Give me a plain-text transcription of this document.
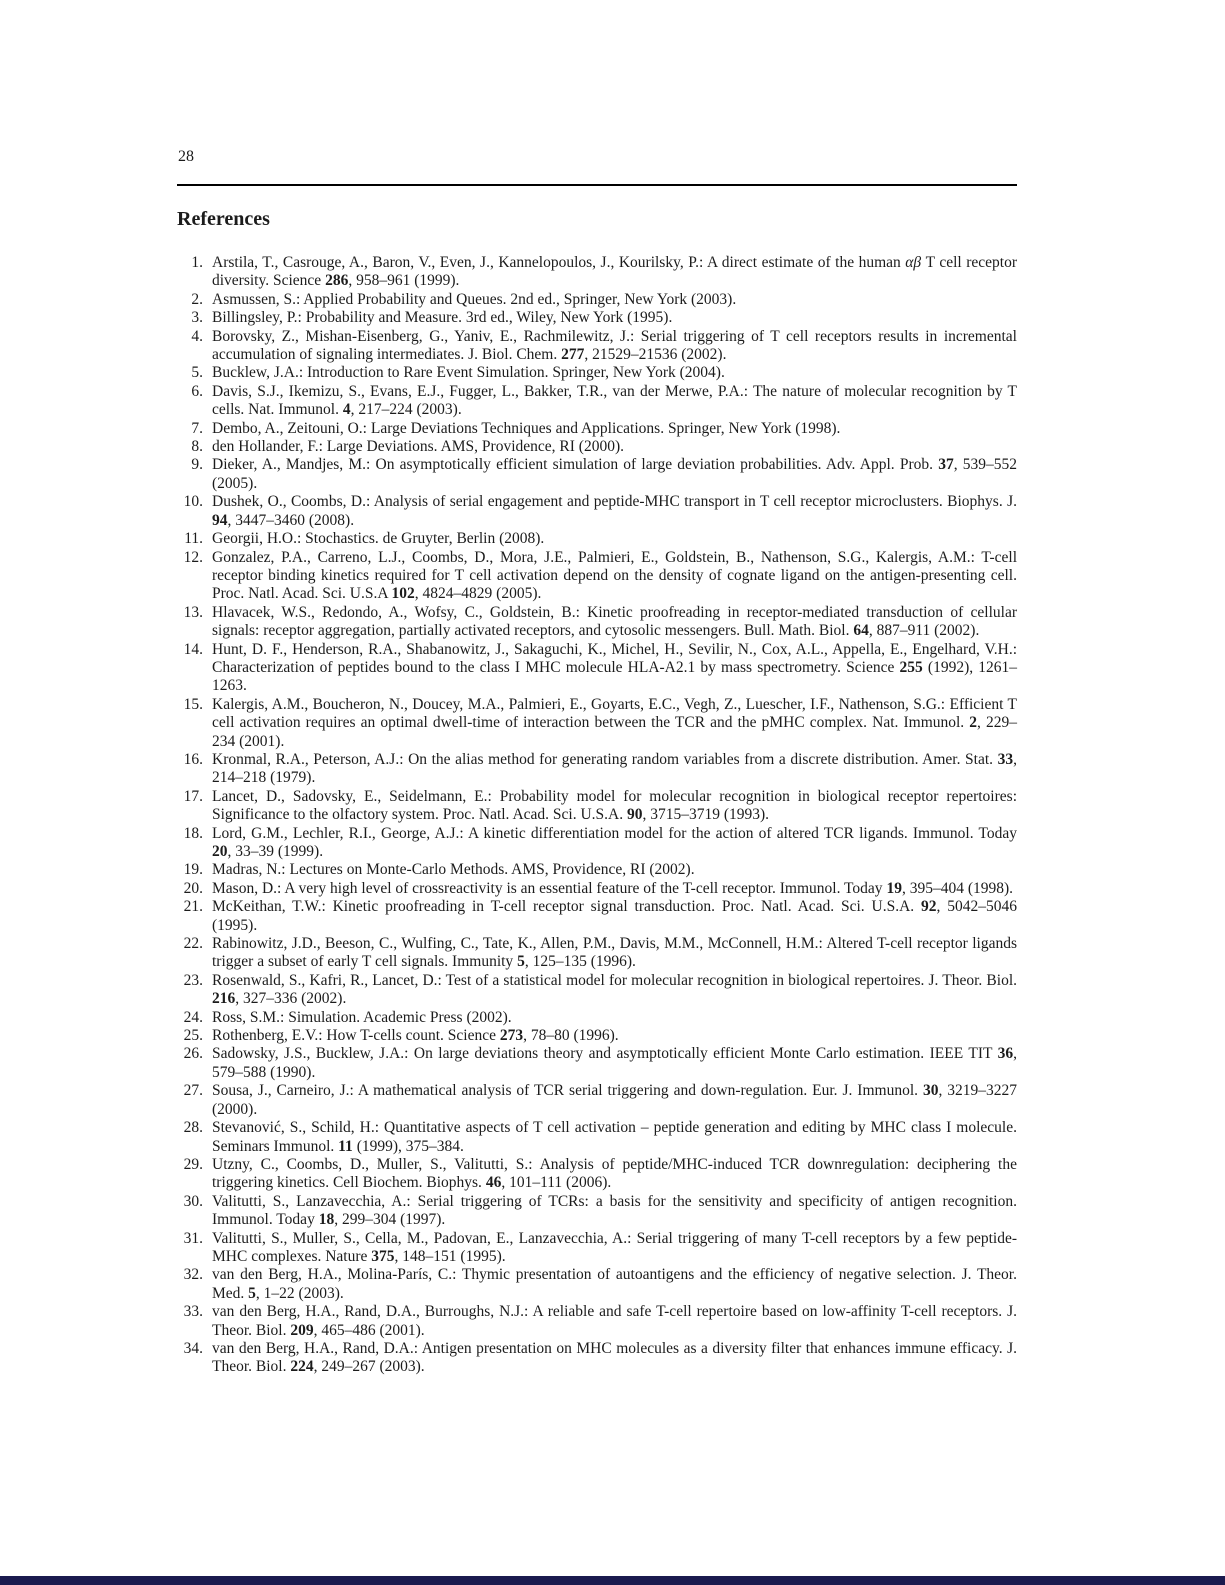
28
References
1. Arstila, T., Casrouge, A., Baron, V., Even, J., Kannelopoulos, J., Kourilsky, P.: A direct estimate of the human αβ T cell receptor diversity. Science 286, 958–961 (1999).
2. Asmussen, S.: Applied Probability and Queues. 2nd ed., Springer, New York (2003).
3. Billingsley, P.: Probability and Measure. 3rd ed., Wiley, New York (1995).
4. Borovsky, Z., Mishan-Eisenberg, G., Yaniv, E., Rachmilewitz, J.: Serial triggering of T cell receptors results in incremental accumulation of signaling intermediates. J. Biol. Chem. 277, 21529–21536 (2002).
5. Bucklew, J.A.: Introduction to Rare Event Simulation. Springer, New York (2004).
6. Davis, S.J., Ikemizu, S., Evans, E.J., Fugger, L., Bakker, T.R., van der Merwe, P.A.: The nature of molecular recognition by T cells. Nat. Immunol. 4, 217–224 (2003).
7. Dembo, A., Zeitouni, O.: Large Deviations Techniques and Applications. Springer, New York (1998).
8. den Hollander, F.: Large Deviations. AMS, Providence, RI (2000).
9. Dieker, A., Mandjes, M.: On asymptotically efficient simulation of large deviation probabilities. Adv. Appl. Prob. 37, 539–552 (2005).
10. Dushek, O., Coombs, D.: Analysis of serial engagement and peptide-MHC transport in T cell receptor microclusters. Biophys. J. 94, 3447–3460 (2008).
11. Georgii, H.O.: Stochastics. de Gruyter, Berlin (2008).
12. Gonzalez, P.A., Carreno, L.J., Coombs, D., Mora, J.E., Palmieri, E., Goldstein, B., Nathenson, S.G., Kalergis, A.M.: T-cell receptor binding kinetics required for T cell activation depend on the density of cognate ligand on the antigen-presenting cell. Proc. Natl. Acad. Sci. U.S.A 102, 4824–4829 (2005).
13. Hlavacek, W.S., Redondo, A., Wofsy, C., Goldstein, B.: Kinetic proofreading in receptor-mediated transduction of cellular signals: receptor aggregation, partially activated receptors, and cytosolic messengers. Bull. Math. Biol. 64, 887–911 (2002).
14. Hunt, D. F., Henderson, R.A., Shabanowitz, J., Sakaguchi, K., Michel, H., Sevilir, N., Cox, A.L., Appella, E., Engelhard, V.H.: Characterization of peptides bound to the class I MHC molecule HLA-A2.1 by mass spectrometry. Science 255 (1992), 1261–1263.
15. Kalergis, A.M., Boucheron, N., Doucey, M.A., Palmieri, E., Goyarts, E.C., Vegh, Z., Luescher, I.F., Nathenson, S.G.: Efficient T cell activation requires an optimal dwell-time of interaction between the TCR and the pMHC complex. Nat. Immunol. 2, 229–234 (2001).
16. Kronmal, R.A., Peterson, A.J.: On the alias method for generating random variables from a discrete distribution. Amer. Stat. 33, 214–218 (1979).
17. Lancet, D., Sadovsky, E., Seidelmann, E.: Probability model for molecular recognition in biological receptor repertoires: Significance to the olfactory system. Proc. Natl. Acad. Sci. U.S.A. 90, 3715–3719 (1993).
18. Lord, G.M., Lechler, R.I., George, A.J.: A kinetic differentiation model for the action of altered TCR ligands. Immunol. Today 20, 33–39 (1999).
19. Madras, N.: Lectures on Monte-Carlo Methods. AMS, Providence, RI (2002).
20. Mason, D.: A very high level of crossreactivity is an essential feature of the T-cell receptor. Immunol. Today 19, 395–404 (1998).
21. McKeithan, T.W.: Kinetic proofreading in T-cell receptor signal transduction. Proc. Natl. Acad. Sci. U.S.A. 92, 5042–5046 (1995).
22. Rabinowitz, J.D., Beeson, C., Wulfing, C., Tate, K., Allen, P.M., Davis, M.M., McConnell, H.M.: Altered T-cell receptor ligands trigger a subset of early T cell signals. Immunity 5, 125–135 (1996).
23. Rosenwald, S., Kafri, R., Lancet, D.: Test of a statistical model for molecular recognition in biological repertoires. J. Theor. Biol. 216, 327–336 (2002).
24. Ross, S.M.: Simulation. Academic Press (2002).
25. Rothenberg, E.V.: How T-cells count. Science 273, 78–80 (1996).
26. Sadowsky, J.S., Bucklew, J.A.: On large deviations theory and asymptotically efficient Monte Carlo estimation. IEEE TIT 36, 579–588 (1990).
27. Sousa, J., Carneiro, J.: A mathematical analysis of TCR serial triggering and down-regulation. Eur. J. Immunol. 30, 3219–3227 (2000).
28. Stevanović, S., Schild, H.: Quantitative aspects of T cell activation – peptide generation and editing by MHC class I molecule. Seminars Immunol. 11 (1999), 375–384.
29. Utzny, C., Coombs, D., Muller, S., Valitutti, S.: Analysis of peptide/MHC-induced TCR downregulation: deciphering the triggering kinetics. Cell Biochem. Biophys. 46, 101–111 (2006).
30. Valitutti, S., Lanzavecchia, A.: Serial triggering of TCRs: a basis for the sensitivity and specificity of antigen recognition. Immunol. Today 18, 299–304 (1997).
31. Valitutti, S., Muller, S., Cella, M., Padovan, E., Lanzavecchia, A.: Serial triggering of many T-cell receptors by a few peptide-MHC complexes. Nature 375, 148–151 (1995).
32. van den Berg, H.A., Molina-París, C.: Thymic presentation of autoantigens and the efficiency of negative selection. J. Theor. Med. 5, 1–22 (2003).
33. van den Berg, H.A., Rand, D.A., Burroughs, N.J.: A reliable and safe T-cell repertoire based on low-affinity T-cell receptors. J. Theor. Biol. 209, 465–486 (2001).
34. van den Berg, H.A., Rand, D.A.: Antigen presentation on MHC molecules as a diversity filter that enhances immune efficacy. J. Theor. Biol. 224, 249–267 (2003).
